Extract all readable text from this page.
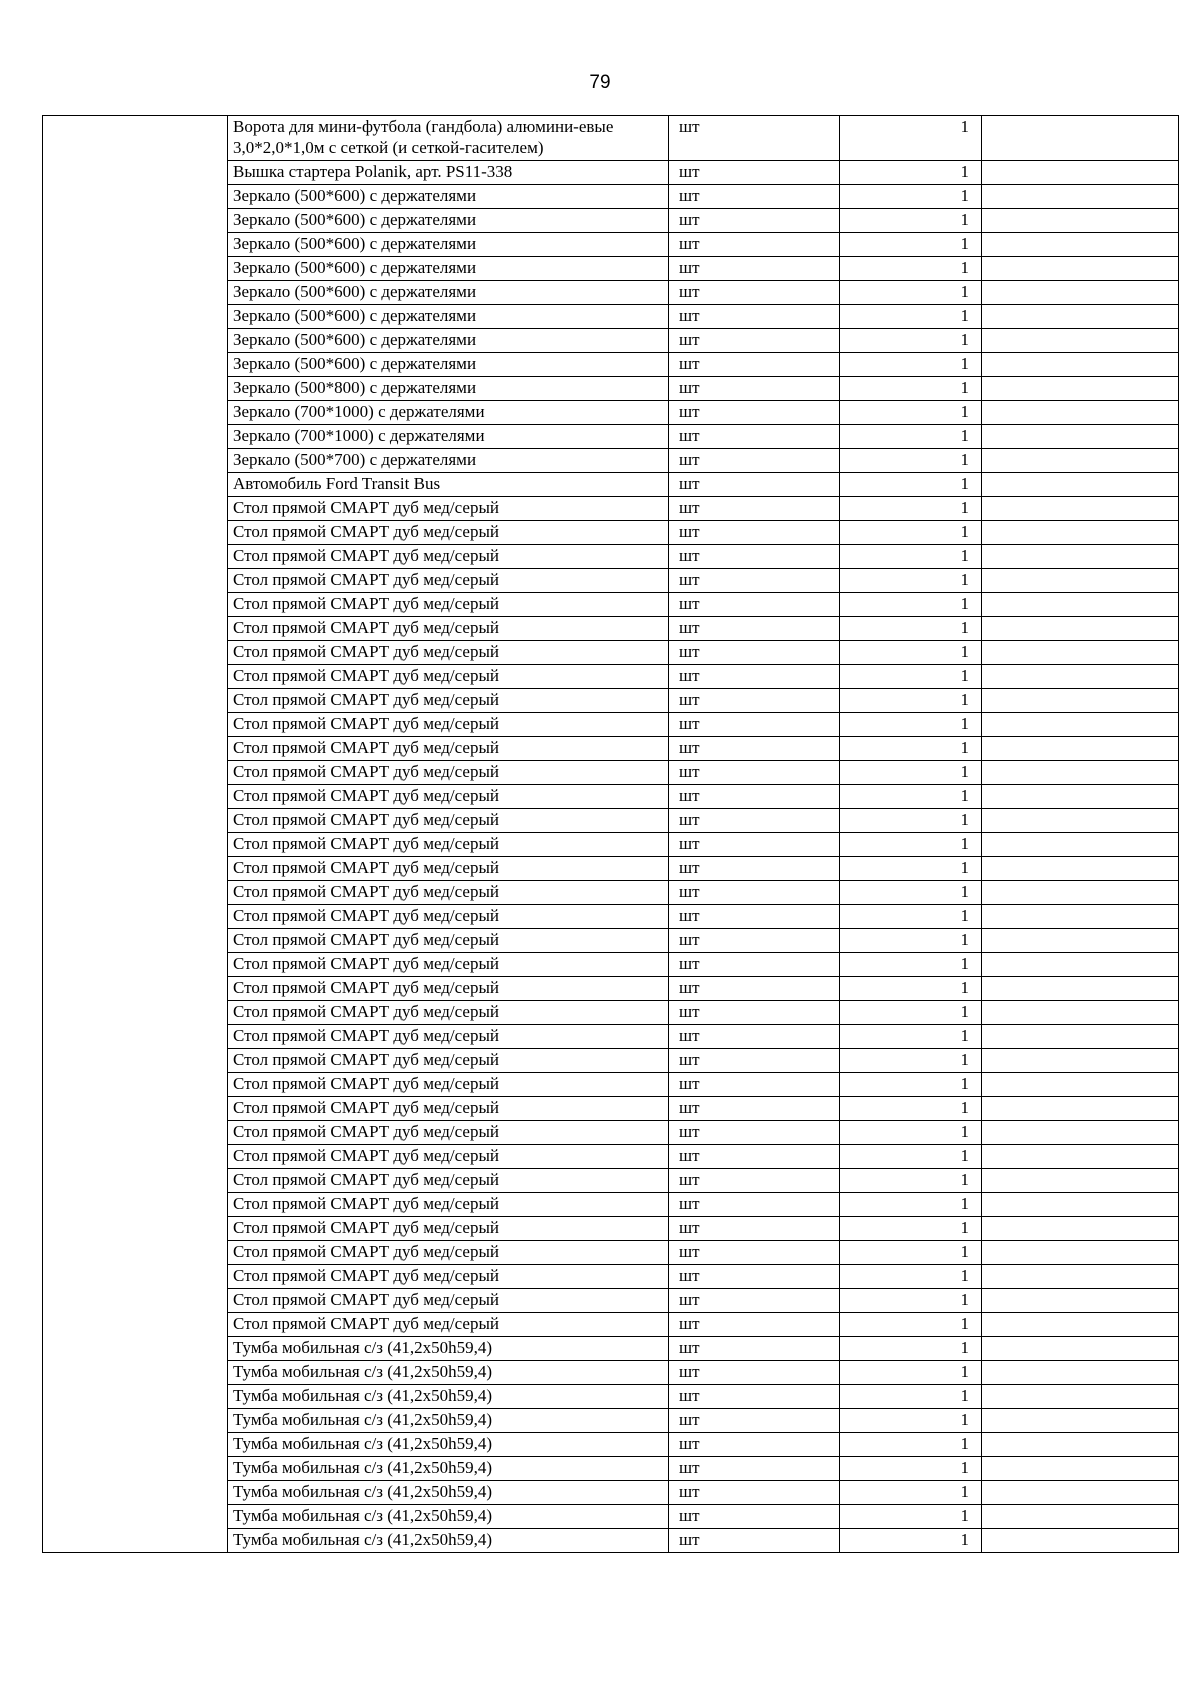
79
	Ворота для мини-футбола (гандбола) алюмини-евые 3,0*2,0*1,0м с сеткой (и сеткой-гасителем)	шт	1	
	Вышка стартера Polanik, арт. PS11-338	шт	1	
	Зеркало (500*600) с держателями	шт	1	
	Зеркало (500*600) с держателями	шт	1	
	Зеркало (500*600) с держателями	шт	1	
	Зеркало (500*600) с держателями	шт	1	
	Зеркало (500*600) с держателями	шт	1	
	Зеркало (500*600) с держателями	шт	1	
	Зеркало (500*600) с держателями	шт	1	
	Зеркало (500*600) с держателями	шт	1	
	Зеркало (500*800) с держателями	шт	1	
	Зеркало (700*1000) с держателями	шт	1	
	Зеркало (700*1000) с держателями	шт	1	
	Зеркало (500*700) с держателями	шт	1	
	Автомобиль Ford Transit Bus	шт	1	
	Стол прямой СМАРТ дуб мед/серый	шт	1	
	Стол прямой СМАРТ дуб мед/серый	шт	1	
	Стол прямой СМАРТ дуб мед/серый	шт	1	
	Стол прямой СМАРТ дуб мед/серый	шт	1	
	Стол прямой СМАРТ дуб мед/серый	шт	1	
	Стол прямой СМАРТ дуб мед/серый	шт	1	
	Стол прямой СМАРТ дуб мед/серый	шт	1	
	Стол прямой СМАРТ дуб мед/серый	шт	1	
	Стол прямой СМАРТ дуб мед/серый	шт	1	
	Стол прямой СМАРТ дуб мед/серый	шт	1	
	Стол прямой СМАРТ дуб мед/серый	шт	1	
	Стол прямой СМАРТ дуб мед/серый	шт	1	
	Стол прямой СМАРТ дуб мед/серый	шт	1	
	Стол прямой СМАРТ дуб мед/серый	шт	1	
	Стол прямой СМАРТ дуб мед/серый	шт	1	
	Стол прямой СМАРТ дуб мед/серый	шт	1	
	Стол прямой СМАРТ дуб мед/серый	шт	1	
	Стол прямой СМАРТ дуб мед/серый	шт	1	
	Стол прямой СМАРТ дуб мед/серый	шт	1	
	Стол прямой СМАРТ дуб мед/серый	шт	1	
	Стол прямой СМАРТ дуб мед/серый	шт	1	
	Стол прямой СМАРТ дуб мед/серый	шт	1	
	Стол прямой СМАРТ дуб мед/серый	шт	1	
	Стол прямой СМАРТ дуб мед/серый	шт	1	
	Стол прямой СМАРТ дуб мед/серый	шт	1	
	Стол прямой СМАРТ дуб мед/серый	шт	1	
	Стол прямой СМАРТ дуб мед/серый	шт	1	
	Стол прямой СМАРТ дуб мед/серый	шт	1	
	Стол прямой СМАРТ дуб мед/серый	шт	1	
	Стол прямой СМАРТ дуб мед/серый	шт	1	
	Стол прямой СМАРТ дуб мед/серый	шт	1	
	Стол прямой СМАРТ дуб мед/серый	шт	1	
	Стол прямой СМАРТ дуб мед/серый	шт	1	
	Стол прямой СМАРТ дуб мед/серый	шт	1	
	Стол прямой СМАРТ дуб мед/серый	шт	1	
	Тумба мобильная с/з (41,2х50h59,4)	шт	1	
	Тумба мобильная с/з (41,2х50h59,4)	шт	1	
	Тумба мобильная с/з (41,2х50h59,4)	шт	1	
	Тумба мобильная с/з (41,2х50h59,4)	шт	1	
	Тумба мобильная с/з (41,2х50h59,4)	шт	1	
	Тумба мобильная с/з (41,2х50h59,4)	шт	1	
	Тумба мобильная с/з (41,2х50h59,4)	шт	1	
	Тумба мобильная с/з (41,2х50h59,4)	шт	1	
	Тумба мобильная с/з (41,2х50h59,4)	шт	1	
